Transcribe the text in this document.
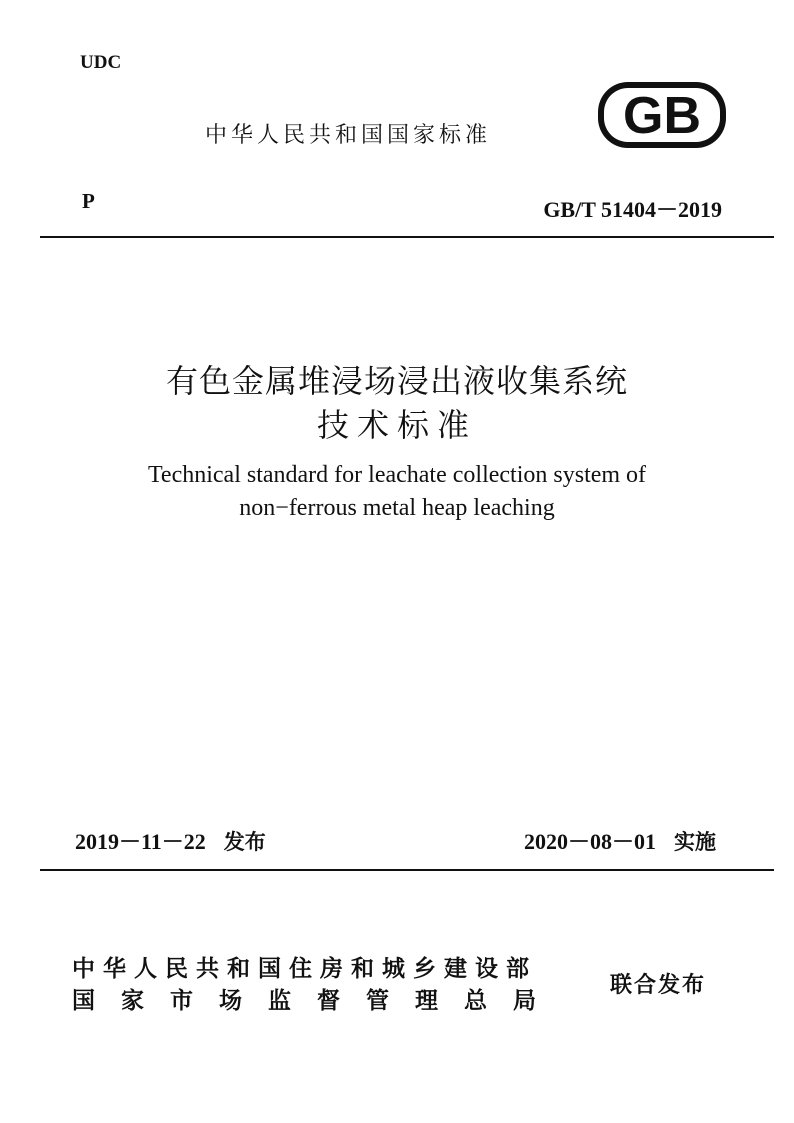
UDC
中华人民共和国国家标准	GB
P	GB/T 51404－2019
有色金属堆浸场浸出液收集系统
技术标准
Technical standard for leachate collection system of
non−ferrous metal heap leaching
2019－11－22 发布	2020－08－01 实施
中华人民共和国住房和城乡建设部
国家市场监督管理总局
联合发布
